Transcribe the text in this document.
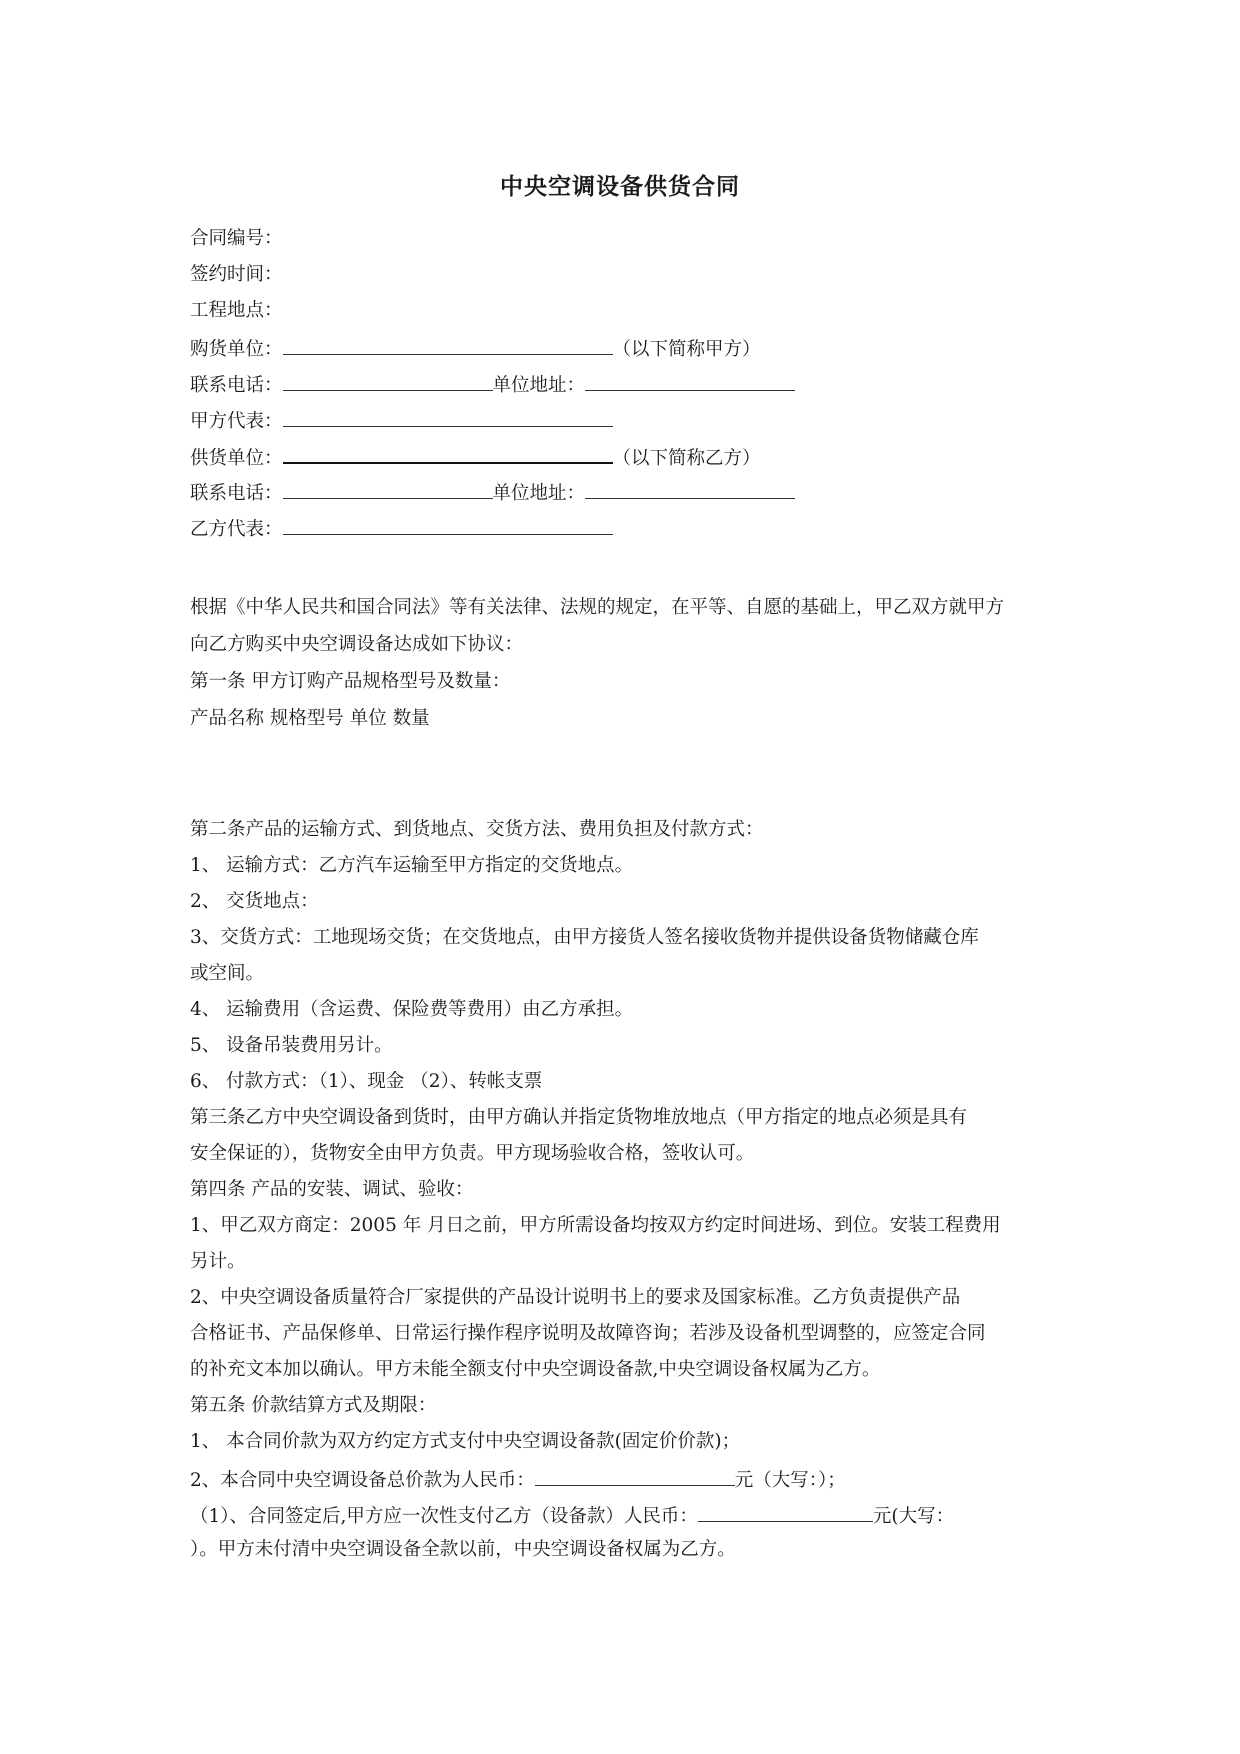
中央空调设备供货合同
合同编号：
签约时间：
工程地点：
购货单位：	（以下简称甲方）
联系电话：	单位地址：
甲方代表：
供货单位：	（以下简称乙方）
联系电话：	单位地址：
乙方代表：
根据《中华人民共和国合同法》等有关法律、法规的规定，在平等、自愿的基础上，甲乙双方就甲方
向乙方购买中央空调设备达成如下协议：
第一条 甲方订购产品规格型号及数量：
产品名称 规格型号 单位 数量
第二条产品的运输方式、到货地点、交货方法、费用负担及付款方式：
1、 运输方式：乙方汽车运输至甲方指定的交货地点。
2、 交货地点：
3、交货方式：工地现场交货；在交货地点，由甲方接货人签名接收货物并提供设备货物储藏仓库
或空间。
4、 运输费用（含运费、保险费等费用）由乙方承担。
5、 设备吊装费用另计。
6、 付款方式：（1）、现金 （2）、转帐支票
第三条乙方中央空调设备到货时，由甲方确认并指定货物堆放地点（甲方指定的地点必须是具有
安全保证的），货物安全由甲方负责。甲方现场验收合格，签收认可。
第四条 产品的安装、调试、验收：
1、甲乙双方商定：2005 年 月日之前，甲方所需设备均按双方约定时间进场、到位。安装工程费用
另计。
2、中央空调设备质量符合厂家提供的产品设计说明书上的要求及国家标准。乙方负责提供产品
合格证书、产品保修单、日常运行操作程序说明及故障咨询；若涉及设备机型调整的，应签定合同
的补充文本加以确认。甲方未能全额支付中央空调设备款,中央空调设备权属为乙方。
第五条 价款结算方式及期限：
1、 本合同价款为双方约定方式支付中央空调设备款(固定价价款)；
2、本合同中央空调设备总价款为人民币：	元（大写：）；
（1）、合同签定后,甲方应一次性支付乙方（设备款）人民币：	元(大写：
）。甲方未付清中央空调设备全款以前，中央空调设备权属为乙方。
